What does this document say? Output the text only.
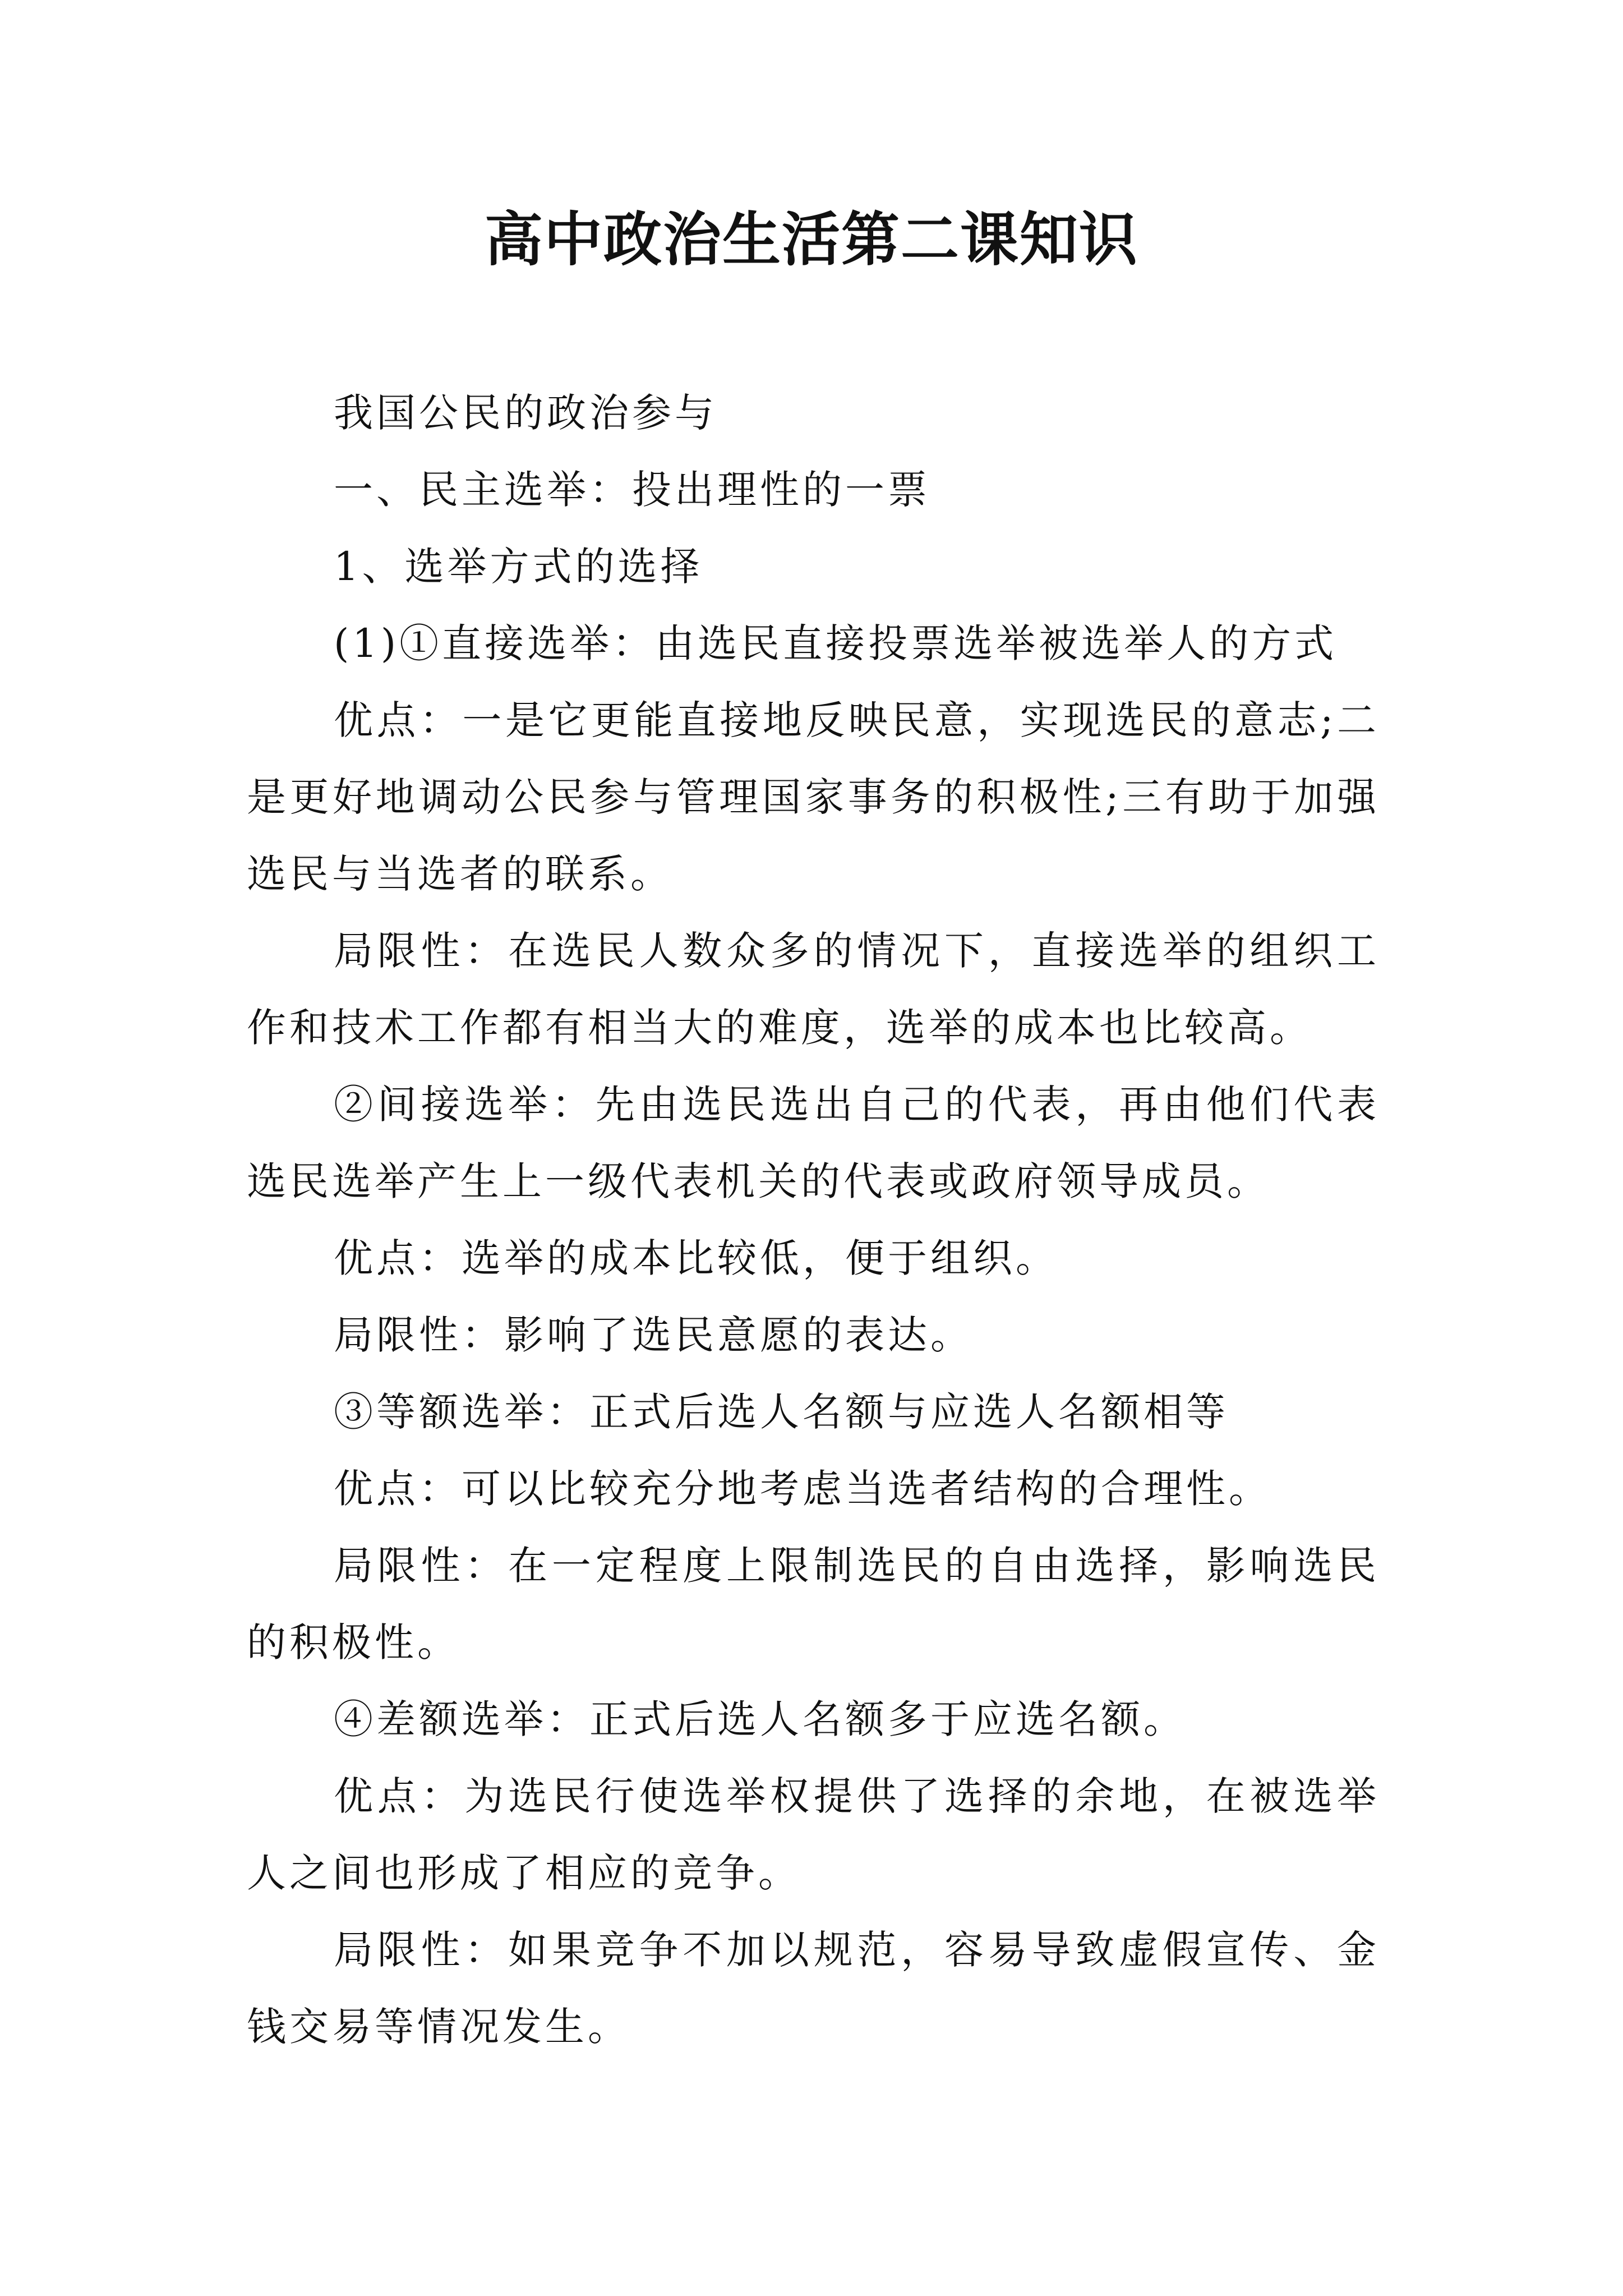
高中政治生活第二课知识

我国公民的政治参与

一、民主选举：投出理性的一票

1、选举方式的选择

(1)①直接选举：由选民直接投票选举被选举人的方式

优点：一是它更能直接地反映民意，实现选民的意志;二是更好地调动公民参与管理国家事务的积极性;三有助于加强选民与当选者的联系。

局限性：在选民人数众多的情况下，直接选举的组织工作和技术工作都有相当大的难度，选举的成本也比较高。

②间接选举：先由选民选出自己的代表，再由他们代表选民选举产生上一级代表机关的代表或政府领导成员。

优点：选举的成本比较低，便于组织。

局限性：影响了选民意愿的表达。

③等额选举：正式后选人名额与应选人名额相等

优点：可以比较充分地考虑当选者结构的合理性。

局限性：在一定程度上限制选民的自由选择，影响选民的积极性。

④差额选举：正式后选人名额多于应选名额。

优点：为选民行使选举权提供了选择的余地，在被选举人之间也形成了相应的竞争。

局限性：如果竞争不加以规范，容易导致虚假宣传、金钱交易等情况发生。
